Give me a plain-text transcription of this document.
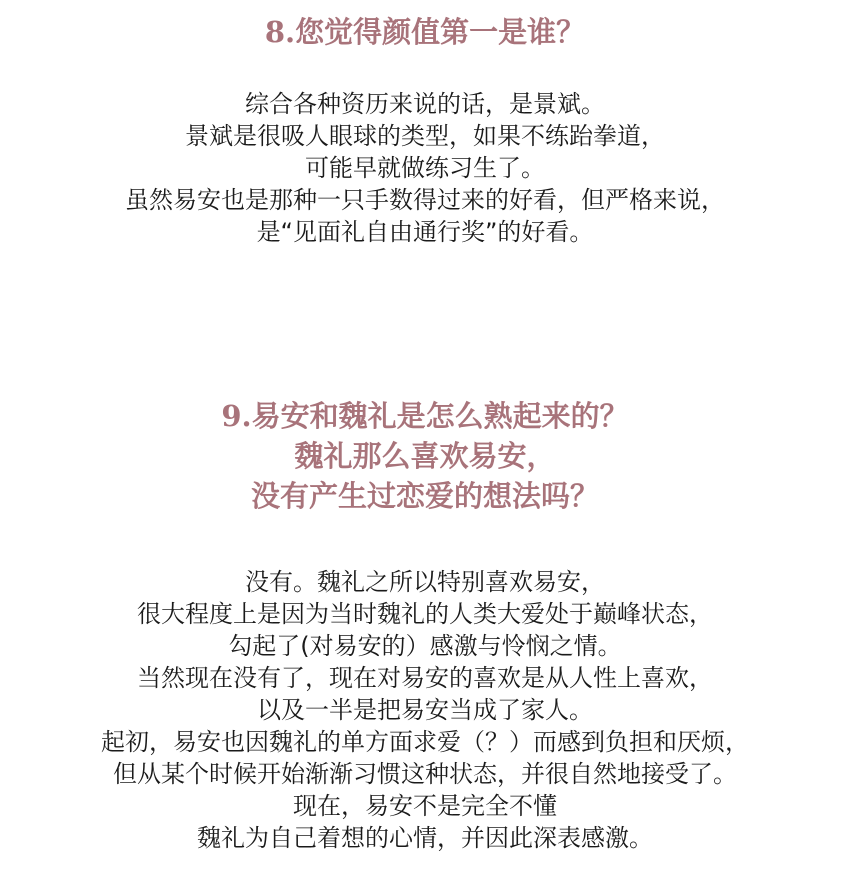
8.您觉得颜值第一是谁？
综合各种资历来说的话，是景斌。
景斌是很吸人眼球的类型，如果不练跆拳道，
可能早就做练习生了。
虽然易安也是那种一只手数得过来的好看，但严格来说，
是“见面礼自由通行奖”的好看。
9.易安和魏礼是怎么熟起来的？
魏礼那么喜欢易安，
没有产生过恋爱的想法吗？
没有。魏礼之所以特别喜欢易安，
很大程度上是因为当时魏礼的人类大爱处于巅峰状态，
勾起了(对易安的）感激与怜悯之情。
当然现在没有了，现在对易安的喜欢是从人性上喜欢，
以及一半是把易安当成了家人。
起初，易安也因魏礼的单方面求爱（？）而感到负担和厌烦，
但从某个时候开始渐渐习惯这种状态，并很自然地接受了。
现在，易安不是完全不懂
魏礼为自己着想的心情，并因此深表感激。
